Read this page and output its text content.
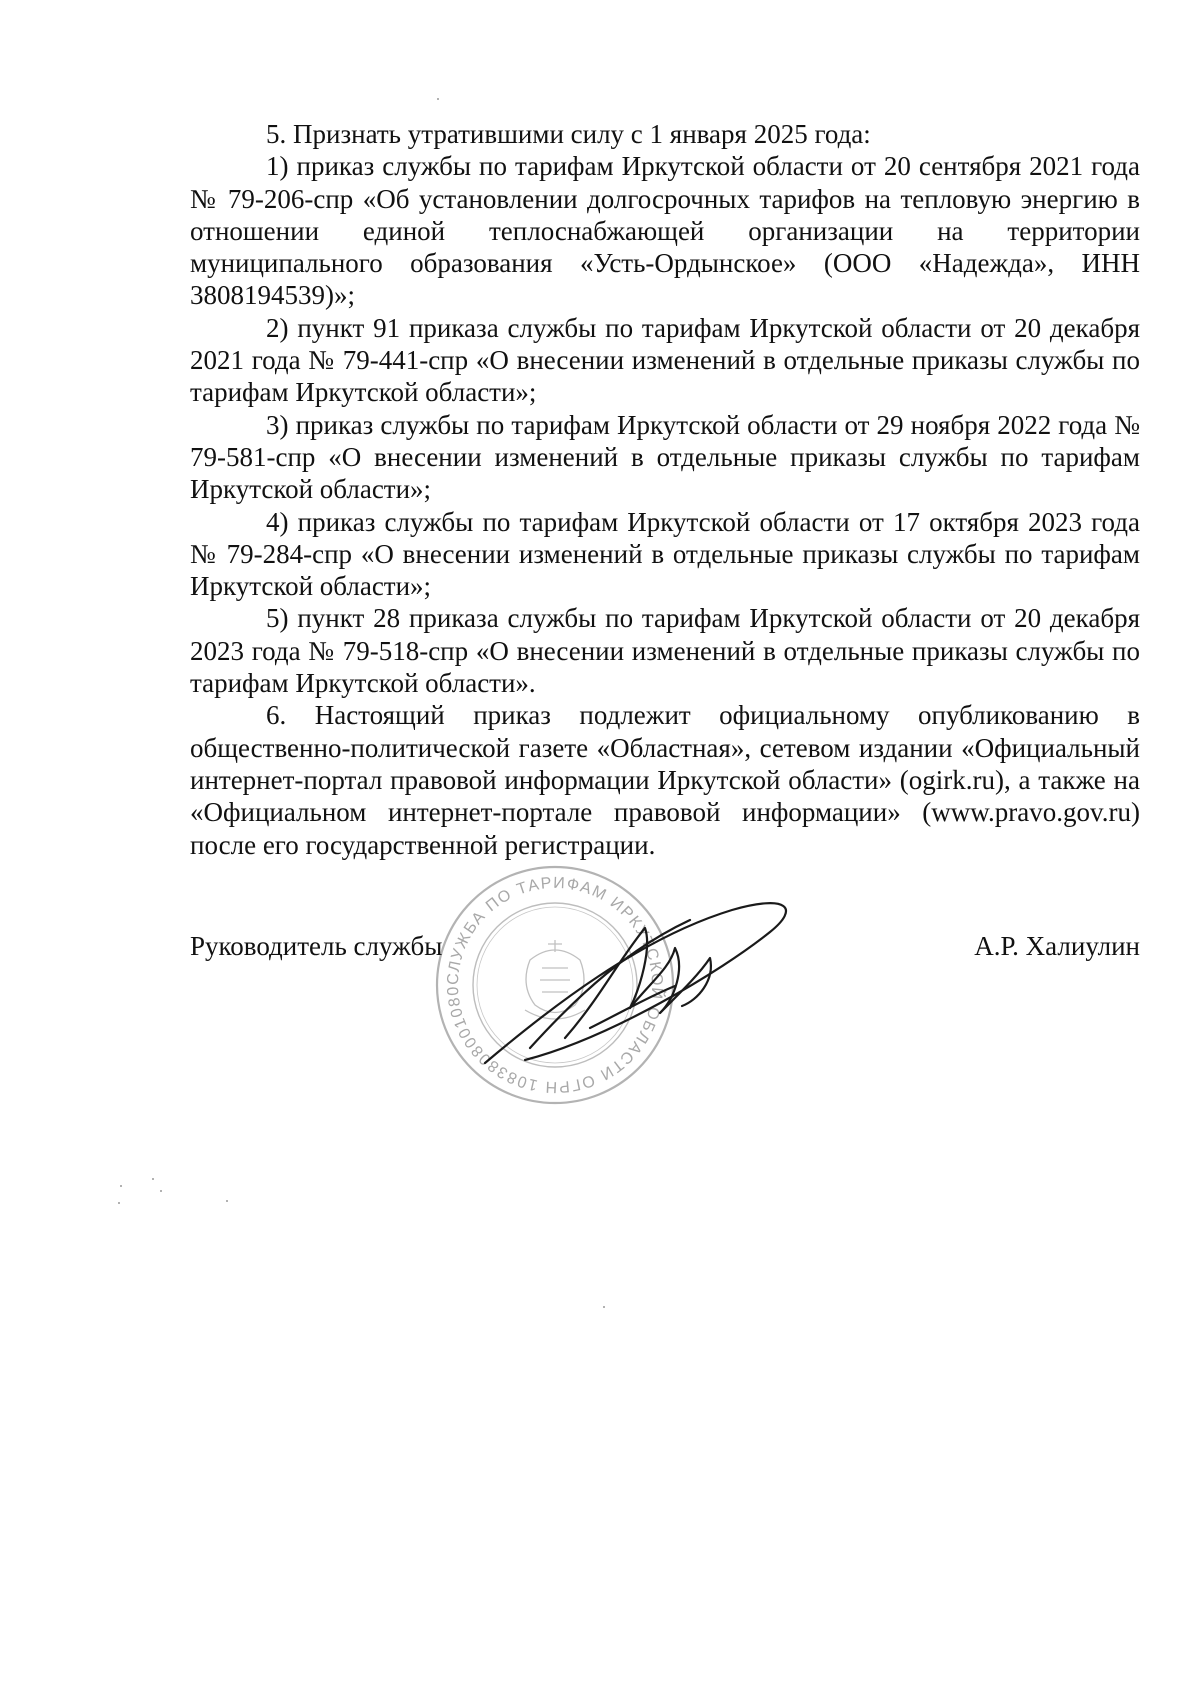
5. Признать утратившими силу с 1 января 2025 года:

1) приказ службы по тарифам Иркутской области от 20 сентября 2021 года № 79-206-спр «Об установлении долгосрочных тарифов на тепловую энергию в отношении единой теплоснабжающей организации на территории муниципального образования «Усть-Ордынское» (ООО «Надежда», ИНН 3808194539)»;

2) пункт 91 приказа службы по тарифам Иркутской области от 20 декабря 2021 года № 79-441-спр «О внесении изменений в отдельные приказы службы по тарифам Иркутской области»;

3) приказ службы по тарифам Иркутской области от 29 ноября 2022 года № 79-581-спр «О внесении изменений в отдельные приказы службы по тарифам Иркутской области»;

4) приказ службы по тарифам Иркутской области от 17 октября 2023 года № 79-284-спр «О внесении изменений в отдельные приказы службы по тарифам Иркутской области»;

5) пункт 28 приказа службы по тарифам Иркутской области от 20 декабря 2023 года № 79-518-спр «О внесении изменений в отдельные приказы службы по тарифам Иркутской области».

6. Настоящий приказ подлежит официальному опубликованию в общественно-политической газете «Областная», сетевом издании «Официальный интернет-портал правовой информации Иркутской области» (ogirk.ru), а также на «Официальном интернет-портале правовой информации» (www.pravo.gov.ru) после его государственной регистрации.

СЛУЖБА ПО ТАРИФАМ ИРКУТСКОЙ ОБЛАСТИ ОГРН 1083808001080
Руководитель службы	А.Р. Халиулин
